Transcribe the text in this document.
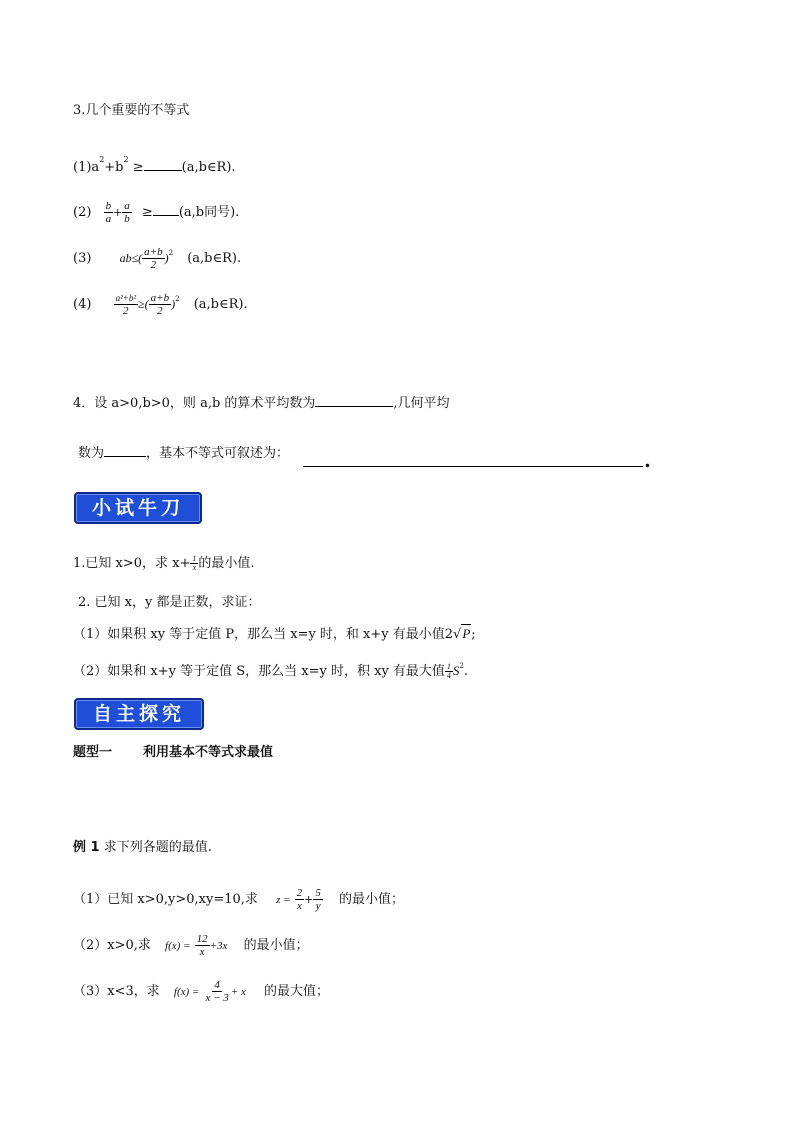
3.几个重要的不等式
$(1)a^2+b^2$ ≥	(a,b∈R).
$(2) \frac{b}{a} + \frac{a}{b} \ge (a,b$同号).
(3) $ab\le( \frac{a+b}{2} )^2$ (a,b∈R).
$(4) \frac{\text{a²+b²}}{2}$ ≥( $\frac{a+b}{2} )^2$ (a,b∈R).
4．设 a>0,b>0，则 a,b 的算术平均数为	,几何平均
数为	，基本不等式可叙述为：	.
小试牛刀
1.已知 x>0，求 $x+ \frac{1}{x}$ 的最小值.
2. 已知 x，y 都是正数，求证：
（1）如果积 xy 等于定值 P，那么当 x=y 时，和 x+y 有最小值2√P;
（2）如果和 x+y 等于定值 S，那么当 x=y 时，积 xy 有最大值 $\frac{1}{4} S^2$.
自主探究
题型一 利用基本不等式求最值
例 1 求下列各题的最值.
（1）已知 x>0,y>0,xy=10,求 $z = \frac{2}{x} + \frac{5}{y}$ 的最小值；
（2）x>0,求 $f(x) = \frac{12}{x} +3x$ 的最小值；
（3）x<3，求 $f(x) = \frac{4}{x - 3} + x$ 的最大值；
